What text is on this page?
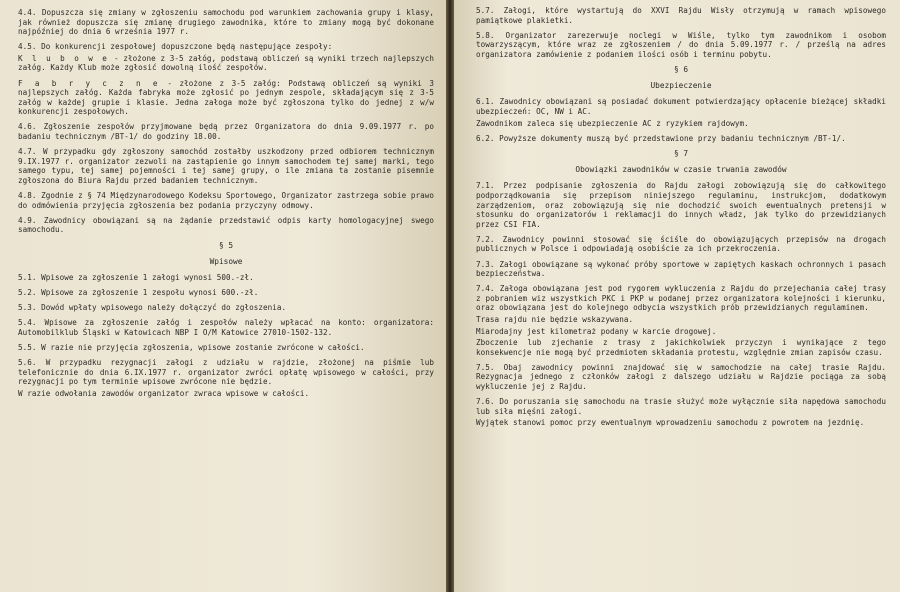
4.4. Dopuszcza się zmiany w zgłoszeniu samochodu pod warunkiem zachowania grupy i klasy, jak również dopuszcza się zmianę drugiego zawodnika, które to zmiany mogą być dokonane najpóźniej do dnia 6 września 1977 r.

4.5. Do konkurencji zespołowej dopuszczone będą następujące zespoły:

K l u b o w e - złożone z 3-5 załóg, podstawą obliczeń są wyniki trzech najlepszych załóg. Każdy Klub może zgłosić dowolną ilość zespołów.

F a b r y c z n e - złożone z 3-5 załóg: Podstawą obliczeń są wyniki 3 najlepszych załóg. Każda fabryka może zgłosić po jednym zespole, składającym się z 3-5 załóg w każdej grupie i klasie. Jedna załoga może być zgłoszona tylko do jednej z w/w konkurencji zespołowych.

4.6. Zgłoszenie zespołów przyjmowane będą przez Organizatora do dnia 9.09.1977 r. po badaniu technicznym /BT-1/ do godziny 18.00.

4.7. W przypadku gdy zgłoszony samochód zostałby uszkodzony przed odbiorem technicznym 9.IX.1977 r. organizator zezwoli na zastąpienie go innym samochodem tej samej marki, tego samego typu, tej samej pojemności i tej samej grupy, o ile zmiana ta zostanie pisemnie zgłoszona do Biura Rajdu przed badaniem technicznym.

4.8. Zgodnie z § 74 Międzynarodowego Kodeksu Sportowego, Organizator zastrzega sobie prawo do odmówienia przyjęcia zgłoszenia bez podania przyczyny odmowy.

4.9. Zawodnicy obowiązani są na żądanie przedstawić odpis karty homologacyjnej swego samochodu.

§ 5
Wpisowe

5.1. Wpisowe za zgłoszenie 1 załogi wynosi 500.-zł.

5.2. Wpisowe za zgłoszenie 1 zespołu wynosi 600.-zł.

5.3. Dowód wpłaty wpisowego należy dołączyć do zgłoszenia.

5.4. Wpisowe za zgłoszenie załóg i zespołów należy wpłacać na konto: organizatora: Automobilklub Śląski w Katowicach NBP I O/M Katowice 27010-1502-132.

5.5. W razie nie przyjęcia zgłoszenia, wpisowe zostanie zwrócone w całości.

5.6. W przypadku rezygnacji załogi z udziału w rajdzie, złożonej na piśmie lub telefonicznie do dnia 6.IX.1977 r. organizator zwróci opłatę wpisowego w całości, przy rezygnacji po tym terminie wpisowe zwrócone nie będzie.

W razie odwołania zawodów organizator zwraca wpisowe w całości.

5.7. Załogi, które wystartują do XXVI Rajdu Wisły otrzymują w ramach wpisowego pamiątkowe plakietki.

5.8. Organizator zarezerwuje noclegi w Wiśle, tylko tym zawodnikom i osobom towarzyszącym, które wraz ze zgłoszeniem / do dnia 5.09.1977 r. / prześlą na adres organizatora zamówienie z podaniem ilości osób i terminu pobytu.

§ 6
Ubezpieczenie

6.1. Zawodnicy obowiązani są posiadać dokument potwierdzający opłacenie bieżącej składki ubezpieczeń: OC, NW i AC.

Zawodnikom zaleca się ubezpieczenie AC z ryzykiem rajdowym.

6.2. Powyższe dokumenty muszą być przedstawione przy badaniu technicznym /BT-1/.

§ 7
Obowiązki zawodników w czasie trwania zawodów

7.1. Przez podpisanie zgłoszenia do Rajdu załogi zobowiązują się do całkowitego podporządkowania się przepisom niniejszego regulaminu, instrukcjom, dodatkowym zarządzeniom, oraz zobowiązują się nie dochodzić swoich ewentualnych pretensji w stosunku do organizatorów i reklamacji do innych władz, jak tylko do przewidzianych przez CSI FIA.

7.2. Zawodnicy powinni stosować się ściśle do obowiązujących przepisów na drogach publicznych w Polsce i odpowiadają osobiście za ich przekroczenia.

7.3. Załogi obowiązane są wykonać próby sportowe w zapiętych kaskach ochronnych i pasach bezpieczeństwa.

7.4. Załoga obowiązana jest pod rygorem wykluczenia z Rajdu do przejechania całej trasy z pobraniem wiz wszystkich PKC i PKP w podanej przez organizatora kolejności i kierunku, oraz obowiązana jest do kolejnego odbycia wszystkich prób przewidzianych regulaminem.

Trasa rajdu nie będzie wskazywana.

Miarodajny jest kilometraż podany w karcie drogowej.

Zboczenie lub zjechanie z trasy z jakichkolwiek przyczyn i wynikające z tego konsekwencje nie mogą być przedmiotem składania protestu, względnie zmian zapisów czasu.

7.5. Obaj zawodnicy powinni znajdować się w samochodzie na całej trasie Rajdu. Rezygnacja jednego z członków załogi z dalszego udziału w Rajdzie pociąga za sobą wykluczenie jej z Rajdu.

7.6. Do poruszania się samochodu na trasie służyć może wyłącznie siła napędowa samochodu lub siła mięśni załogi.

Wyjątek stanowi pomoc przy ewentualnym wprowadzeniu samochodu z powrotem na jezdnię.
